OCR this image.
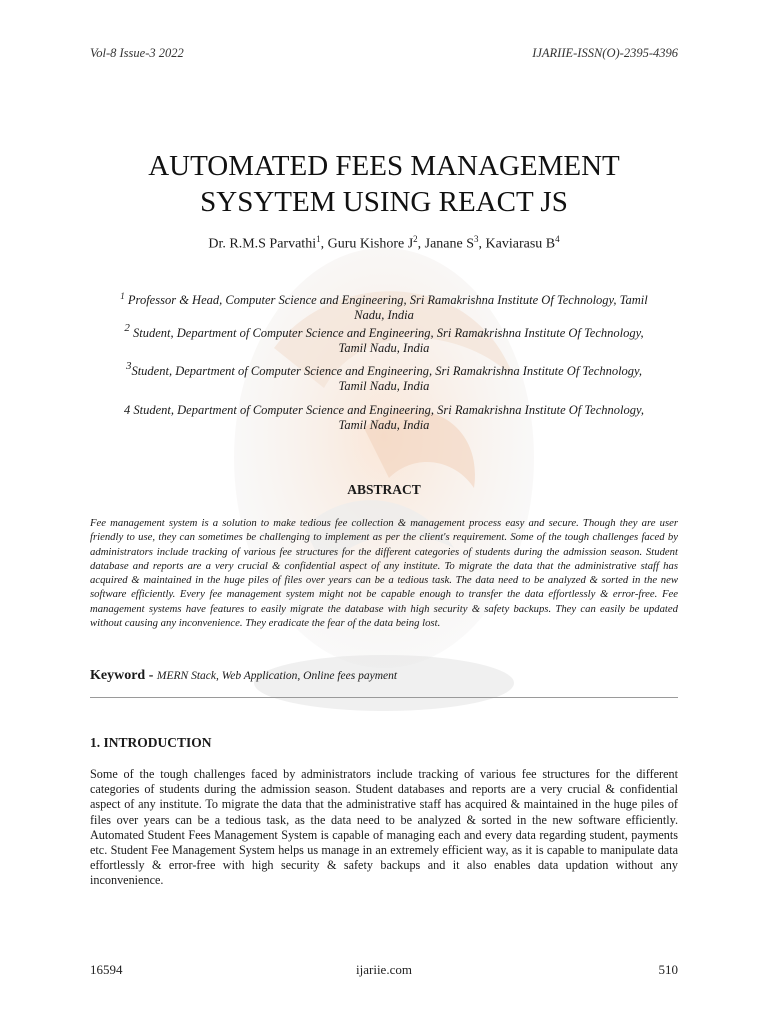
Vol-8 Issue-3 2022	IJARIIE-ISSN(O)-2395-4396
AUTOMATED FEES MANAGEMENT
SYSYTEM USING REACT JS
Dr. R.M.S Parvathi$^1$, Guru Kishore $J^2$, Janane $S^3$, Kaviarasu $B^4$
$^1$ Professor & Head, Computer Science and Engineering, Sri Ramakrishna Institute Of Technology, Tamil
Nadu, India
$^2$ Student, Department of Computer Science and Engineering, Sri Ramakrishna Institute Of Technology,
Tamil Nadu, India
$^3$Student, Department of Computer Science and Engineering, Sri Ramakrishna Institute Of Technology,
Tamil Nadu, India
4 Student, Department of Computer Science and Engineering, Sri Ramakrishna Institute Of Technology,
Tamil Nadu, India
ABSTRACT
Fee management system is a solution to make tedious fee collection & management process easy and secure. Though they are user friendly to use, they can sometimes be challenging to implement as per the client's requirement. Some of the tough challenges faced by administrators include tracking of various fee structures for the different categories of students during the admission season. Student database and reports are a very crucial & confidential aspect of any institute. To migrate the data that the administrative staff has acquired & maintained in the huge piles of files over years can be a tedious task. The data need to be analyzed & sorted in the new software efficiently. Every fee management system might not be capable enough to transfer the data effortlessly & error-free. Fee management systems have features to easily migrate the database with high security & safety backups. They can easily be updated without causing any inconvenience. They eradicate the fear of the data being lost.
Keyword - MERN Stack, Web Application, Online fees payment
1. INTRODUCTION
Some of the tough challenges faced by administrators include tracking of various fee structures for the different categories of students during the admission season. Student databases and reports are a very crucial & confidential aspect of any institute. To migrate the data that the administrative staff has acquired & maintained in the huge piles of files over years can be a tedious task, as the data need to be analyzed & sorted in the new software efficiently. Automated Student Fees Management System is capable of managing each and every data regarding student, payments etc. Student Fee Management System helps us manage in an extremely efficient way, as it is capable to manipulate data effortlessly & error-free with high security & safety backups and it also enables data updation without any inconvenience.
16594	ijariie.com	510
